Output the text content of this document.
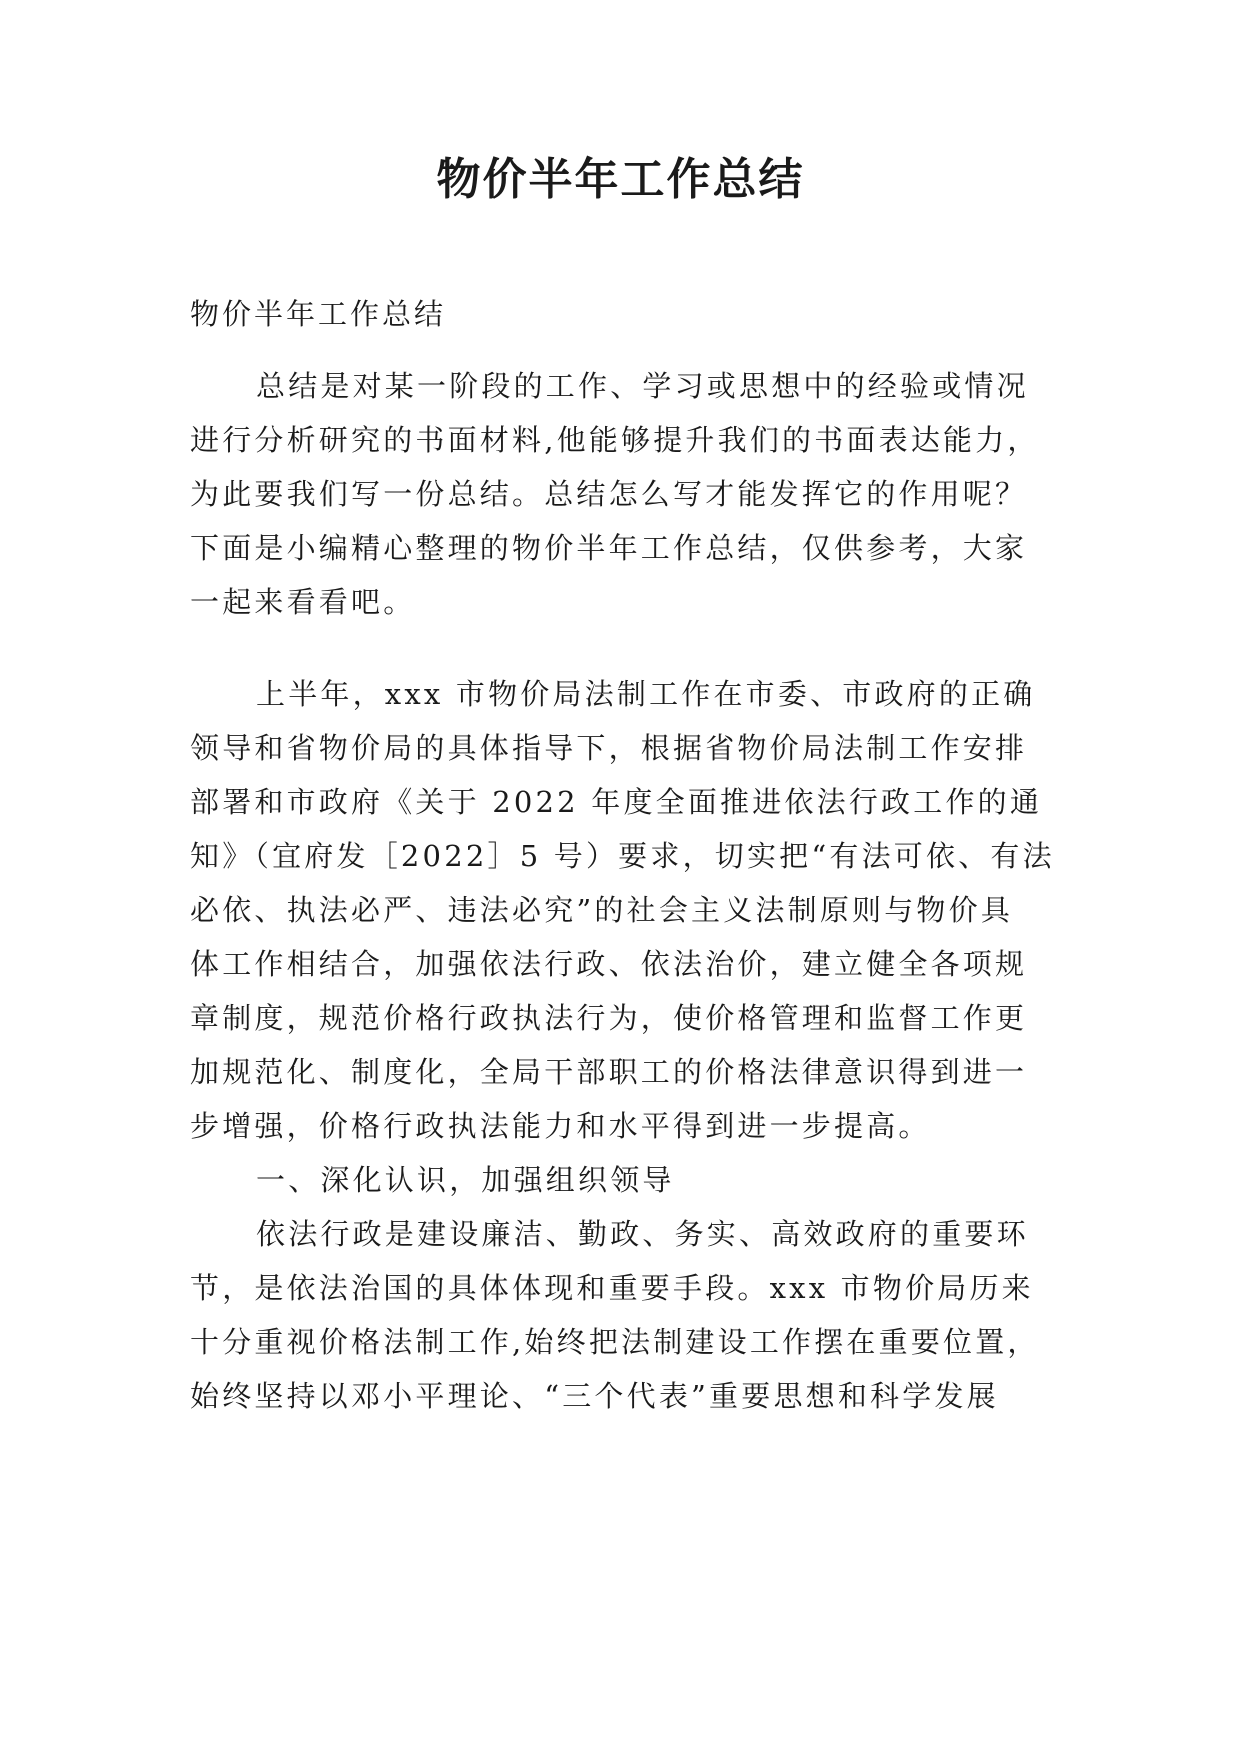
物价半年工作总结

物价半年工作总结

总结是对某一阶段的工作、学习或思想中的经验或情况

进行分析研究的书面材料,他能够提升我们的书面表达能力，

为此要我们写一份总结。总结怎么写才能发挥它的作用呢？

下面是小编精心整理的物价半年工作总结，仅供参考，大家

一起来看看吧。

上半年，xxx 市物价局法制工作在市委、市政府的正确

领导和省物价局的具体指导下，根据省物价局法制工作安排

部署和市政府《关于 2022 年度全面推进依法行政工作的通

知》（宜府发［2022］5 号）要求，切实把“有法可依、有法

必依、执法必严、违法必究”的社会主义法制原则与物价具

体工作相结合，加强依法行政、依法治价，建立健全各项规

章制度，规范价格行政执法行为，使价格管理和监督工作更

加规范化、制度化，全局干部职工的价格法律意识得到进一

步增强，价格行政执法能力和水平得到进一步提高。

一、深化认识，加强组织领导

依法行政是建设廉洁、勤政、务实、高效政府的重要环

节，是依法治国的具体体现和重要手段。xxx 市物价局历来

十分重视价格法制工作,始终把法制建设工作摆在重要位置，

始终坚持以邓小平理论、“三个代表”重要思想和科学发展
